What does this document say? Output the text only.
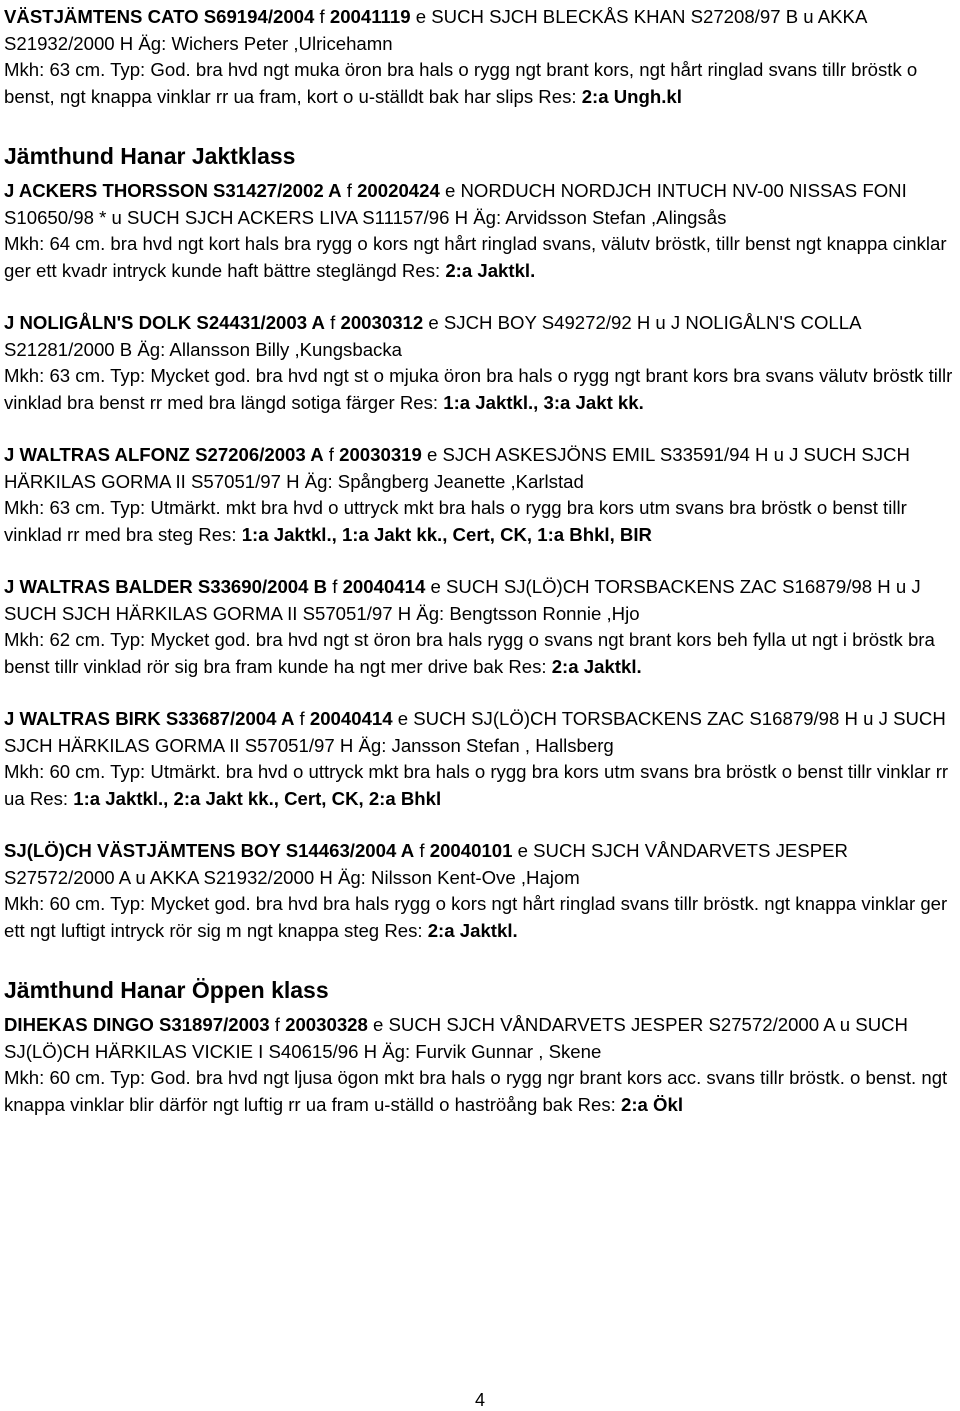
VÄSTJÄMTENS CATO S69194/2004 f 20041119 e SUCH SJCH BLECKÅS KHAN S27208/97 B u AKKA S21932/2000 H Äg: Wichers Peter ,Ulricehamn
Mkh: 63 cm. Typ: God. bra hvd ngt muka öron bra hals o rygg ngt brant kors, ngt hårt ringlad svans tillr bröstk o benst, ngt knappa vinklar rr ua fram, kort o u-ställdt bak har slips Res: 2:a Ungh.kl

Jämthund Hanar Jaktklass

J ACKERS THORSSON S31427/2002 A f 20020424 e NORDUCH NORDJCH INTUCH NV-00 NISSAS FONI S10650/98 * u SUCH SJCH ACKERS LIVA S11157/96 H Äg: Arvidsson Stefan ,Alingsås
Mkh: 64 cm. bra hvd ngt kort hals bra rygg o kors ngt hårt ringlad svans, välutv bröstk, tillr benst ngt knappa cinklar ger ett kvadr intryck kunde haft bättre steglängd Res: 2:a Jaktkl.

J NOLIGÅLN'S DOLK S24431/2003 A f 20030312 e SJCH BOY S49272/92 H u J NOLIGÅLN'S COLLA S21281/2000 B Äg: Allansson Billy ,Kungsbacka
Mkh: 63 cm. Typ: Mycket god. bra hvd ngt st o mjuka öron bra hals o rygg ngt brant kors bra svans välutv bröstk tillr vinklad bra benst rr med bra längd sotiga färger Res: 1:a Jaktkl., 3:a Jakt kk.

J WALTRAS ALFONZ S27206/2003 A f 20030319 e SJCH ASKESJÖNS EMIL S33591/94 H u J SUCH SJCH HÄRKILAS GORMA II S57051/97 H Äg: Spångberg Jeanette ,Karlstad
Mkh: 63 cm. Typ: Utmärkt. mkt bra hvd o uttryck mkt bra hals o rygg bra kors utm svans bra bröstk o benst tillr vinklad rr med bra steg Res: 1:a Jaktkl., 1:a Jakt kk., Cert, CK, 1:a Bhkl, BIR

J WALTRAS BALDER S33690/2004 B f 20040414 e SUCH SJ(LÖ)CH TORSBACKENS ZAC S16879/98 H u J SUCH SJCH HÄRKILAS GORMA II S57051/97 H Äg: Bengtsson Ronnie ,Hjo
Mkh: 62 cm. Typ: Mycket god. bra hvd ngt st öron bra hals rygg o svans ngt brant kors beh fylla ut ngt i bröstk bra benst tillr vinklad rör sig bra fram kunde ha ngt mer drive bak Res: 2:a Jaktkl.

J WALTRAS BIRK S33687/2004 A f 20040414 e SUCH SJ(LÖ)CH TORSBACKENS ZAC S16879/98 H u J SUCH SJCH HÄRKILAS GORMA II S57051/97 H Äg: Jansson Stefan , Hallsberg
Mkh: 60 cm. Typ: Utmärkt. bra hvd o uttryck mkt bra hals o rygg bra kors utm svans bra bröstk o benst tillr vinklar rr ua Res: 1:a Jaktkl., 2:a Jakt kk., Cert, CK, 2:a Bhkl

SJ(LÖ)CH VÄSTJÄMTENS BOY S14463/2004 A f 20040101 e SUCH SJCH VÅNDARVETS JESPER S27572/2000 A u AKKA S21932/2000 H Äg: Nilsson Kent-Ove ,Hajom
Mkh: 60 cm. Typ: Mycket god. bra hvd bra hals rygg o kors ngt hårt ringlad svans tillr bröstk. ngt knappa vinklar ger ett ngt luftigt intryck rör sig m ngt knappa steg Res: 2:a Jaktkl.

Jämthund Hanar Öppen klass

DIHEKAS DINGO S31897/2003 f 20030328 e SUCH SJCH VÅNDARVETS JESPER S27572/2000 A u SUCH SJ(LÖ)CH HÄRKILAS VICKIE I S40615/96 H Äg: Furvik Gunnar , Skene
Mkh: 60 cm. Typ: God. bra hvd ngt ljusa ögon mkt bra hals o rygg ngr brant kors acc. svans tillr bröstk. o benst. ngt knappa vinklar blir därför ngt luftig rr ua fram u-ställd o haströång bak Res: 2:a Ökl

4
